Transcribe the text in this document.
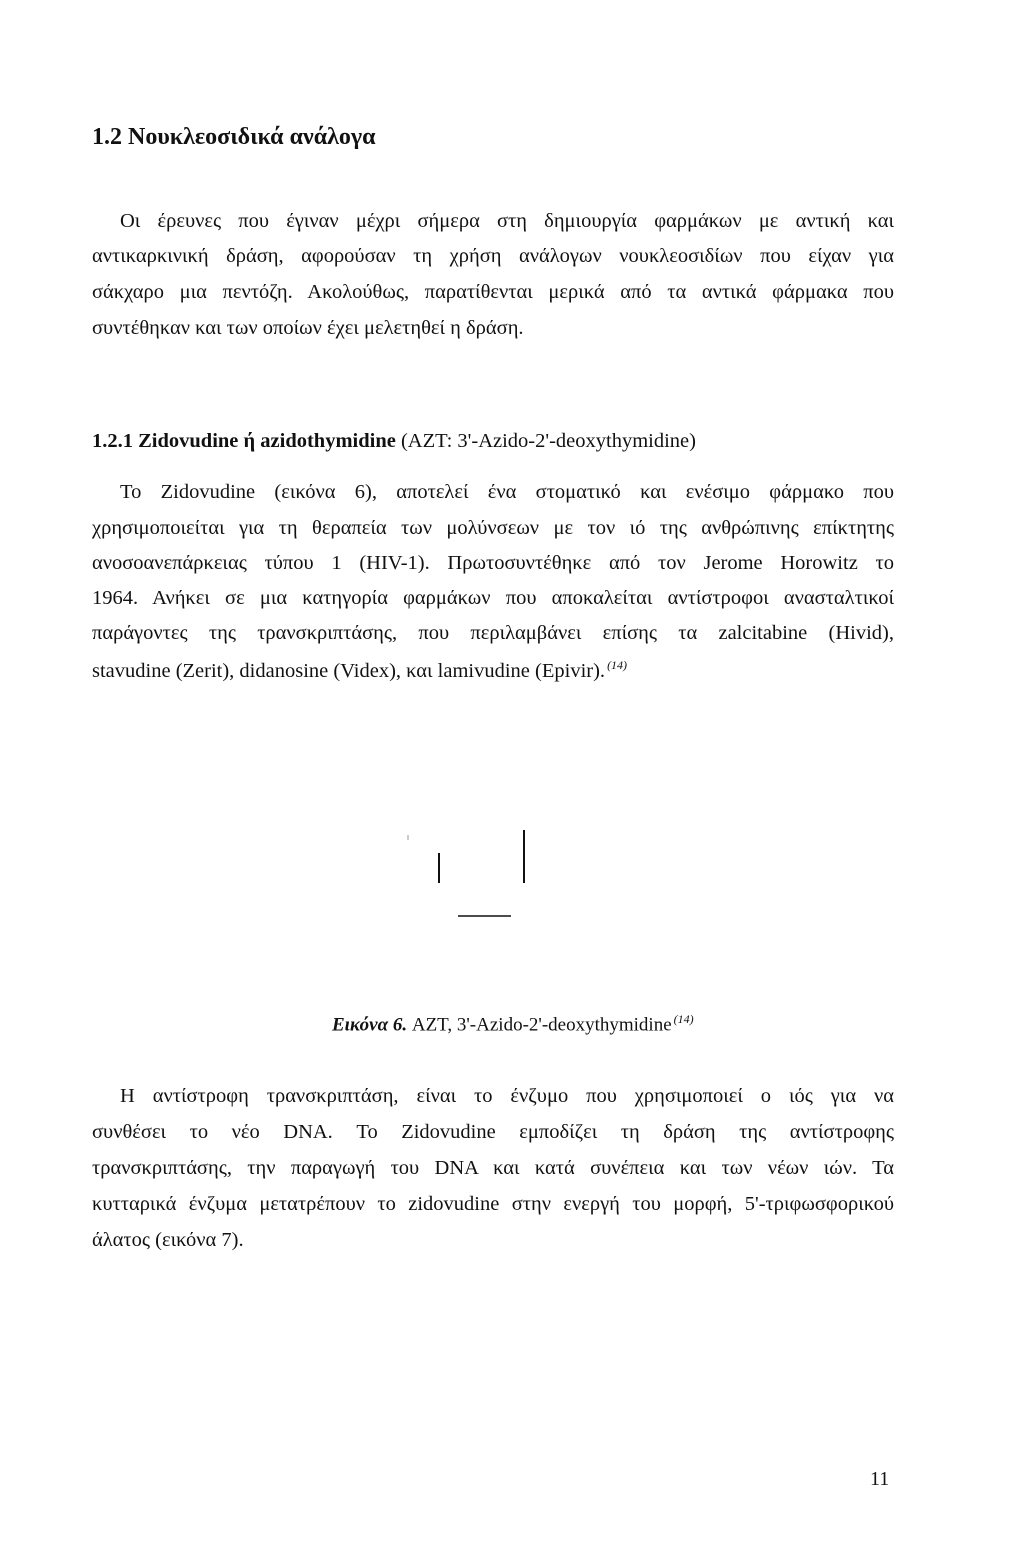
1.2 Νουκλεοσιδικά ανάλογα
Οι έρευνες που έγιναν μέχρι σήμερα στη δημιουργία φαρμάκων με αντική και
αντικαρκινική δράση, αφορούσαν τη χρήση ανάλογων νουκλεοσιδίων που είχαν για
σάκχαρο μια πεντόζη. Ακολούθως, παρατίθενται μερικά από τα αντικά φάρμακα που
συντέθηκαν και των οποίων έχει μελετηθεί η δράση.
1.2.1 Zidovudine ή azidothymidine (AZT: 3'-Azido-2'-deoxythymidine)
Το Zidovudine (εικόνα 6), αποτελεί ένα στοματικό και ενέσιμο φάρμακο που
χρησιμοποιείται για τη θεραπεία των μολύνσεων με τον ιό της ανθρώπινης επίκτητης
ανοσοανεπάρκειας τύπου 1 (HIV-1). Πρωτοσυντέθηκε από τον Jerome Horowitz το
1964. Ανήκει σε μια κατηγορία φαρμάκων που αποκαλείται αντίστροφοι ανασταλτικοί
παράγοντες της τρανσκριπτάσης, που περιλαμβάνει επίσης τα zalcitabine (Hivid),
stavudine (Zerit), didanosine (Videx), και lamivudine (Epivir). $^{(14)}$
Εικόνα 6. AZT, 3'-Azido-2'-deoxythymidine $^{(14)}$
Η αντίστροφη τρανσκριπτάση, είναι το ένζυμο που χρησιμοποιεί ο ιός για να
συνθέσει το νέο DNA. Το Zidovudine εμποδίζει τη δράση της αντίστροφης
τρανσκριπτάσης, την παραγωγή του DNA και κατά συνέπεια και των νέων ιών. Τα
κυτταρικά ένζυμα μετατρέπουν το zidovudine στην ενεργή του μορφή, 5'-τριφωσφορικού
άλατος (εικόνα 7).
11
